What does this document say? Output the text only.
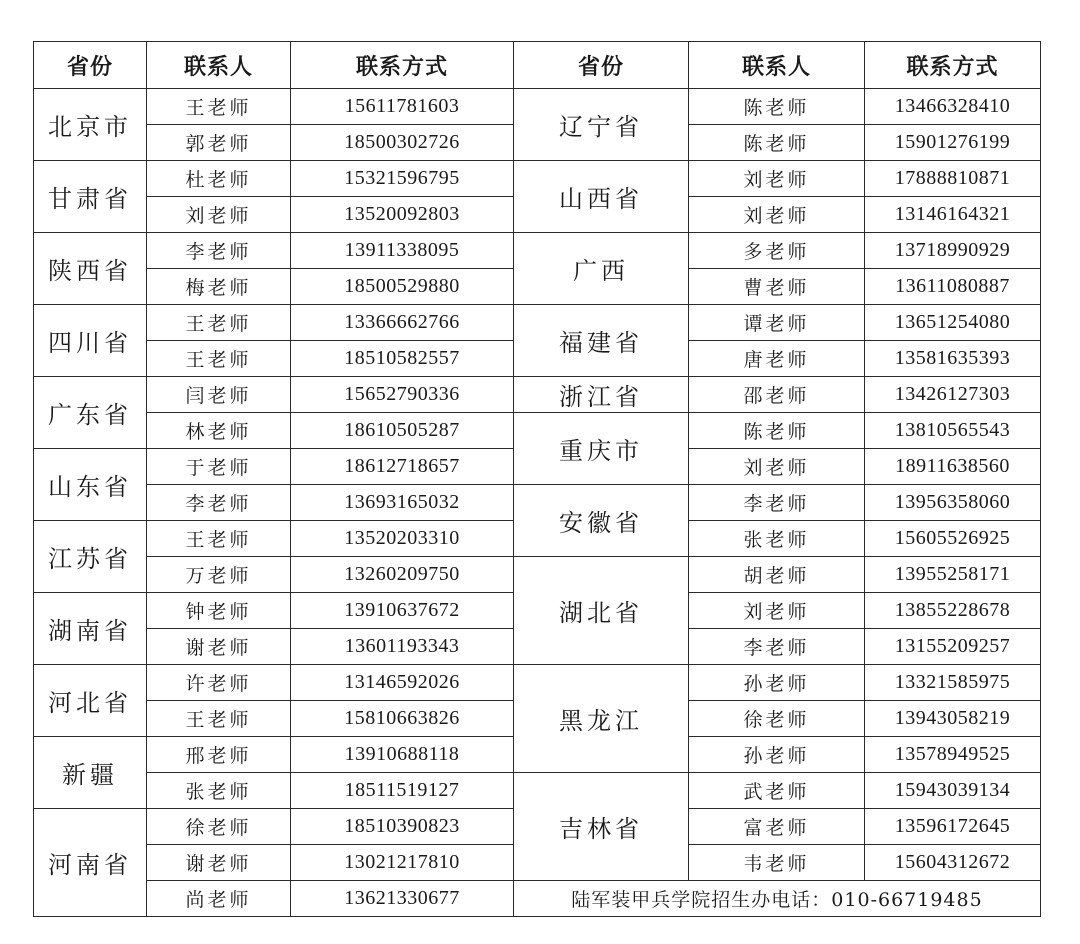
省份	联系人	联系方式	省份	联系人	联系方式
北京市	王老师	15611781603	辽宁省	陈老师	13466328410
	郭老师	18500302726		陈老师	15901276199
甘肃省	杜老师	15321596795	山西省	刘老师	17888810871
	刘老师	13520092803		刘老师	13146164321
陕西省	李老师	13911338095	广西	多老师	13718990929
	梅老师	18500529880		曹老师	13611080887
四川省	王老师	13366662766	福建省	谭老师	13651254080
	王老师	18510582557		唐老师	13581635393
广东省	闫老师	15652790336	浙江省	邵老师	13426127303
	林老师	18610505287	重庆市	陈老师	13810565543
山东省	于老师	18612718657		刘老师	18911638560
	李老师	13693165032	安徽省	李老师	13956358060
江苏省	王老师	13520203310		张老师	15605526925
	万老师	13260209750	湖北省	胡老师	13955258171
湖南省	钟老师	13910637672		刘老师	13855228678
	谢老师	13601193343		李老师	13155209257
河北省	许老师	13146592026	黑龙江	孙老师	13321585975
	王老师	15810663826		徐老师	13943058219
新疆	邢老师	13910688118		孙老师	13578949525
	张老师	18511519127	吉林省	武老师	15943039134
河南省	徐老师	18510390823		富老师	13596172645
	谢老师	13021217810		韦老师	15604312672
	尚老师	13621330677	陆军装甲兵学院招生办电话：010-66719485		
